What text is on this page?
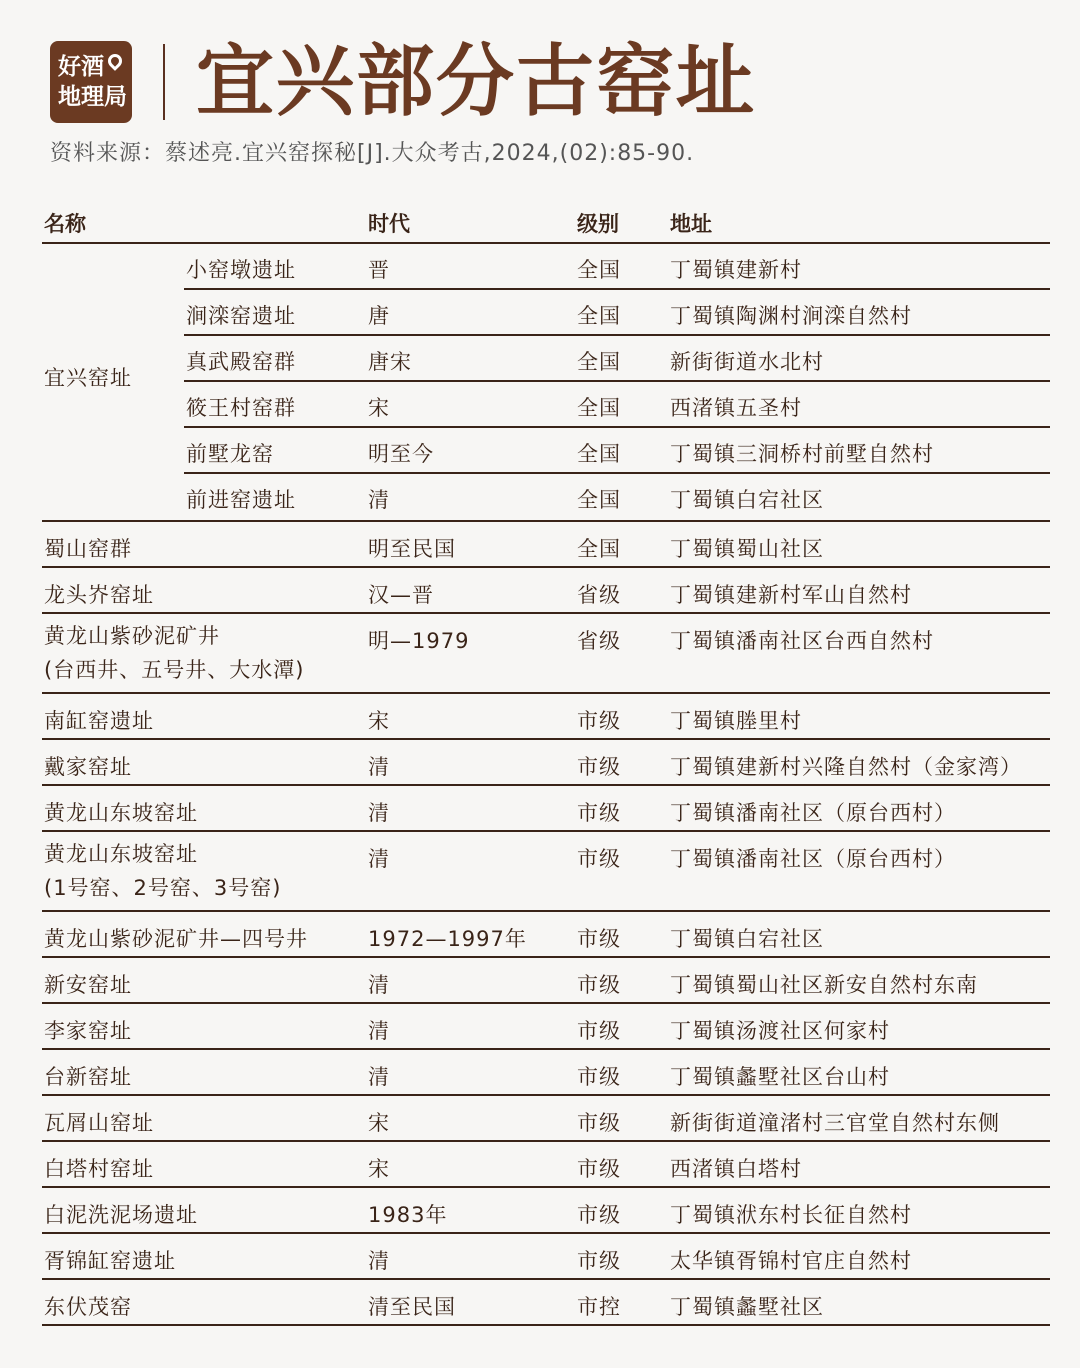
好酒
地理局 宜兴部分古窑址
资料来源：蔡述亮.宜兴窑探秘[J].大众考古,2024,(02):85-90.
名称	时代	级别 地址
宜兴窑址
小窑墩遗址	晋	全国 丁蜀镇建新村
涧滦窑遗址	唐	全国 丁蜀镇陶渊村涧滦自然村
真武殿窑群	唐宋	全国 新街街道水北村
筱王村窑群	宋	全国 西渚镇五圣村
前墅龙窑	明至今	全国 丁蜀镇三洞桥村前墅自然村
前进窑遗址	清	全国 丁蜀镇白宕社区
蜀山窑群	明至民国	全国 丁蜀镇蜀山社区
龙头岕窑址	汉—晋	省级 丁蜀镇建新村军山自然村
黄龙山紫砂泥矿井
(台西井、五号井、大水潭)
明—1979	省级 丁蜀镇潘南社区台西自然村
南缸窑遗址	宋	市级 丁蜀镇塍里村
戴家窑址	清	市级 丁蜀镇建新村兴隆自然村（金家湾）
黄龙山东坡窑址	清	市级 丁蜀镇潘南社区（原台西村）
黄龙山东坡窑址
(1号窑、2号窑、3号窑)
清	市级 丁蜀镇潘南社区（原台西村）
黄龙山紫砂泥矿井—四号井	1972—1997年 市级 丁蜀镇白宕社区
新安窑址	清	市级 丁蜀镇蜀山社区新安自然村东南
李家窑址	清	市级 丁蜀镇汤渡社区何家村
台新窑址	清	市级 丁蜀镇蠡墅社区台山村
瓦屑山窑址	宋	市级 新街街道潼渚村三官堂自然村东侧
白塔村窑址	宋	市级 西渚镇白塔村
白泥洗泥场遗址	1983年	市级 丁蜀镇洑东村长征自然村
胥锦缸窑遗址	清	市级 太华镇胥锦村官庄自然村
东伏茂窑	清至民国	市控 丁蜀镇蠡墅社区
